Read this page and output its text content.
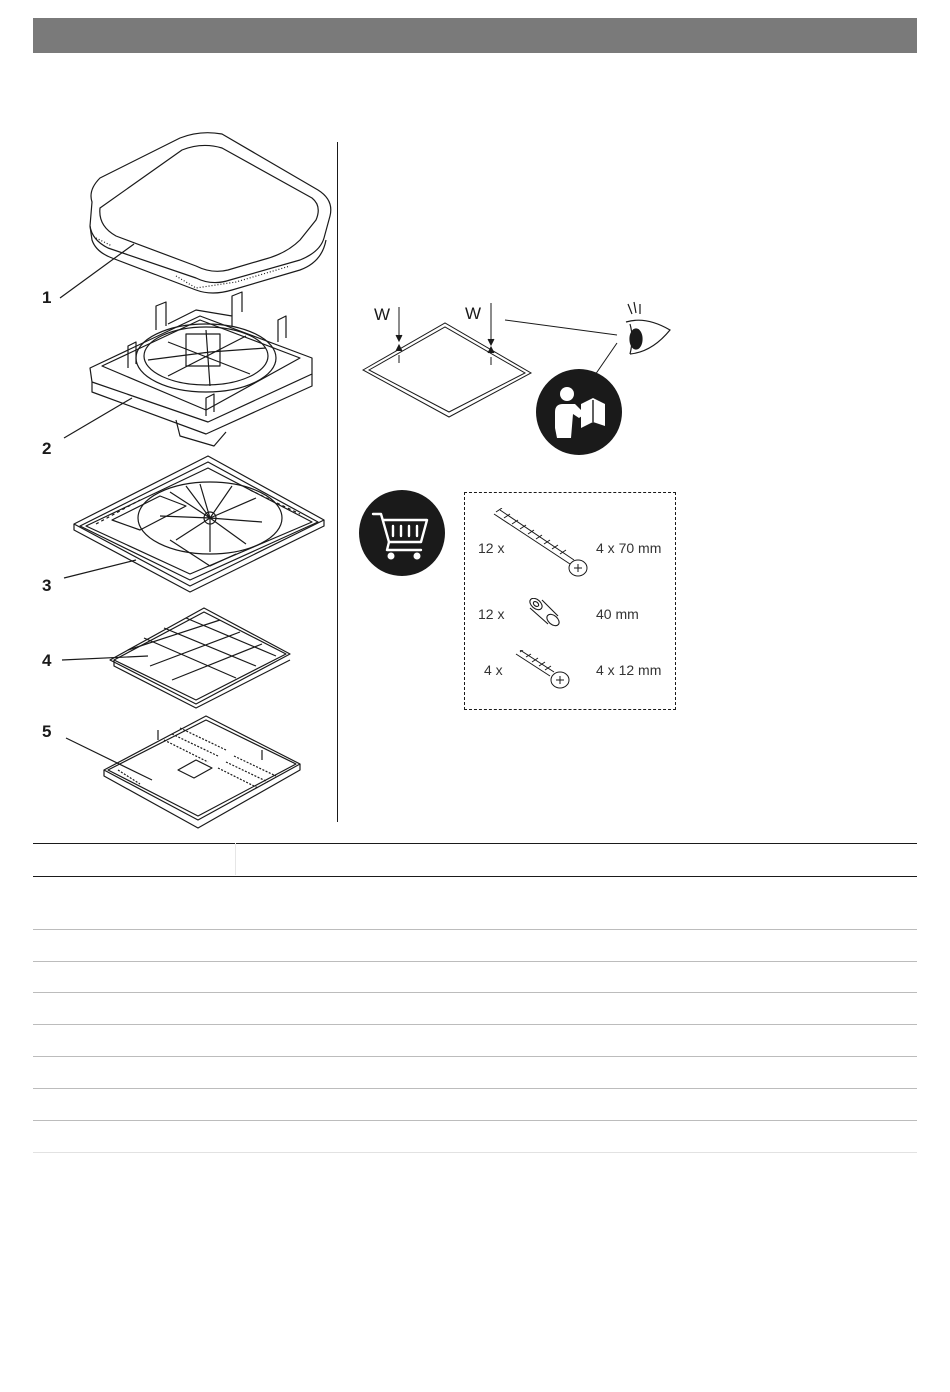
1
2
3
4
5
W	W
12 x	4 x 70 mm
12 x	40 mm
4 x	4 x 12 mm
